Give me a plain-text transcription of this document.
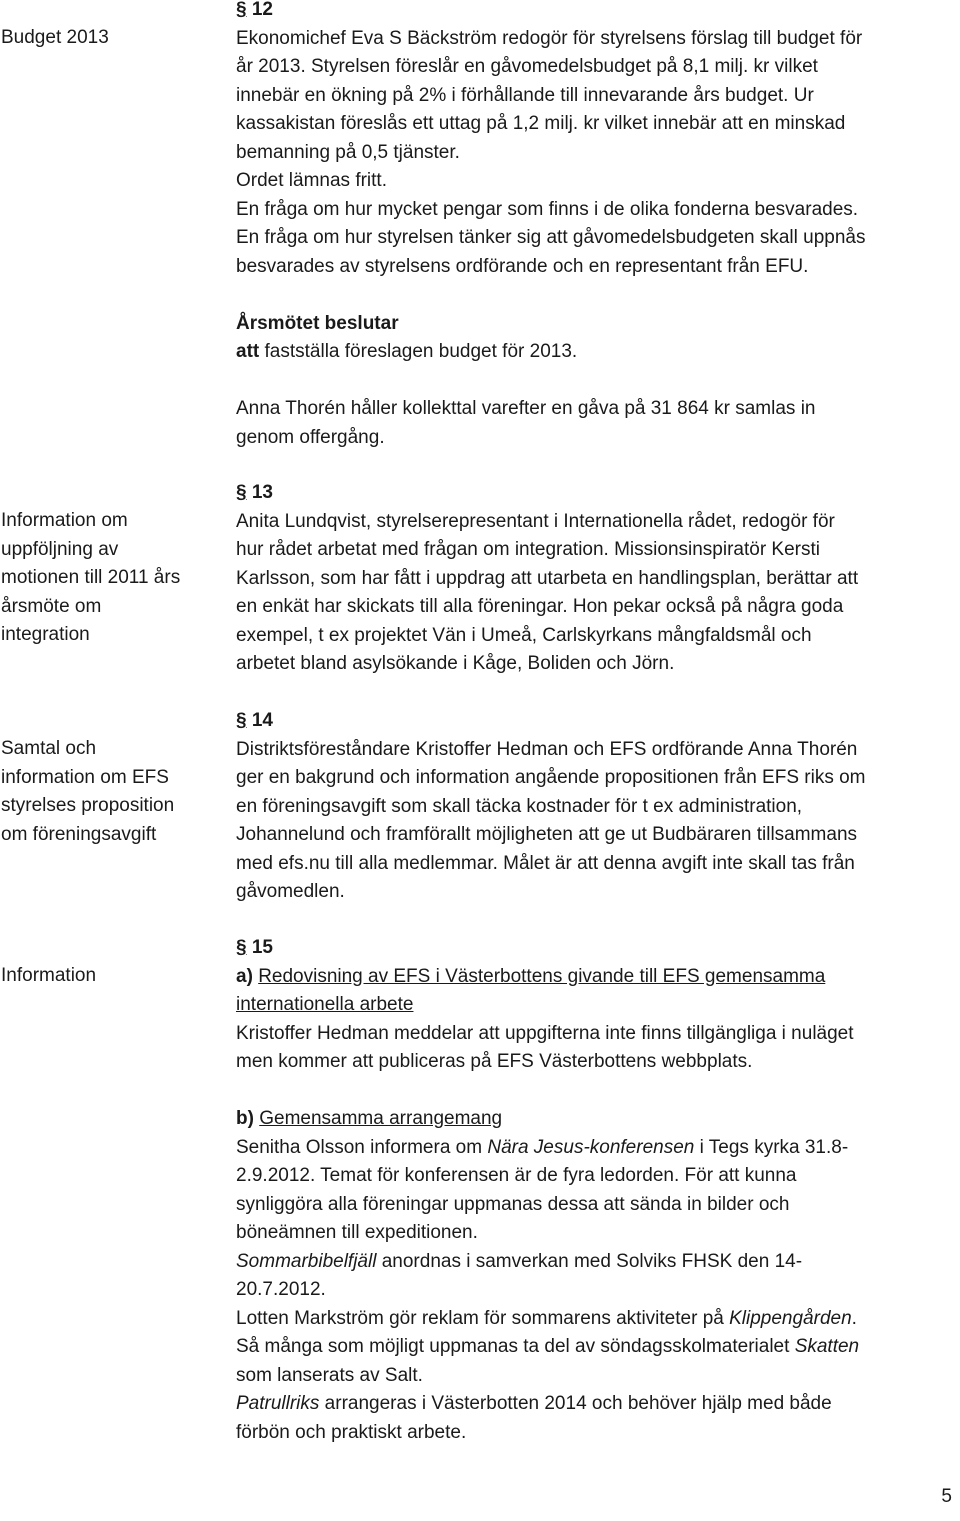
Budget 2013

Information om

uppföljning av

motionen till 2011 års

årsmöte om

integration

Samtal och

information om EFS

styrelses proposition

om föreningsavgift

Information

§ 12

Ekonomichef Eva S Bäckström redogör för styrelsens förslag till budget för

år 2013. Styrelsen föreslår en gåvomedelsbudget på 8,1 milj. kr vilket

innebär en ökning på 2% i förhållande till innevarande års budget. Ur

kassakistan föreslås ett uttag på 1,2 milj. kr vilket innebär att en minskad

bemanning på 0,5 tjänster.

Ordet lämnas fritt.

En fråga om hur mycket pengar som finns i de olika fonderna besvarades.

En fråga om hur styrelsen tänker sig att gåvomedelsbudgeten skall uppnås

besvarades av styrelsens ordförande och en representant från EFU.

Årsmötet beslutar

att fastställa föreslagen budget för 2013.

Anna Thorén håller kollekttal varefter en gåva på 31 864 kr samlas in

genom offergång.

§ 13

Anita Lundqvist, styrelserepresentant i Internationella rådet, redogör för

hur rådet arbetat med frågan om integration. Missionsinspiratör Kersti

Karlsson, som har fått i uppdrag att utarbeta en handlingsplan, berättar att

en enkät har skickats till alla föreningar. Hon pekar också på några goda

exempel, t ex projektet Vän i Umeå, Carlskyrkans mångfaldsmål och

arbetet bland asylsökande i Kåge, Boliden och Jörn.

§ 14

Distriktsföreståndare Kristoffer Hedman och EFS ordförande Anna Thorén

ger en bakgrund och information angående propositionen från EFS riks om

en föreningsavgift som skall täcka kostnader för t ex administration,

Johannelund och framförallt möjligheten att ge ut Budbäraren tillsammans

med efs.nu till alla medlemmar. Målet är att denna avgift inte skall tas från

gåvomedlen.

§ 15

a) Redovisning av EFS i Västerbottens givande till EFS gemensamma

internationella arbete

Kristoffer Hedman meddelar att uppgifterna inte finns tillgängliga i nuläget

men kommer att publiceras på EFS Västerbottens webbplats.

b) Gemensamma arrangemang

Senitha Olsson informera om Nära Jesus-konferensen i Tegs kyrka 31.8-

2.9.2012. Temat för konferensen är de fyra ledorden. För att kunna

synliggöra alla föreningar uppmanas dessa att sända in bilder och

böneämnen till expeditionen.

Sommarbibelfjäll anordnas i samverkan med Solviks FHSK den 14-

20.7.2012.

Lotten Markström gör reklam för sommarens aktiviteter på Klippengården.

Så många som möjligt uppmanas ta del av söndagsskolmaterialet Skatten

som lanserats av Salt.

Patrullriks arrangeras i Västerbotten 2014 och behöver hjälp med både

förbön och praktiskt arbete.

5
